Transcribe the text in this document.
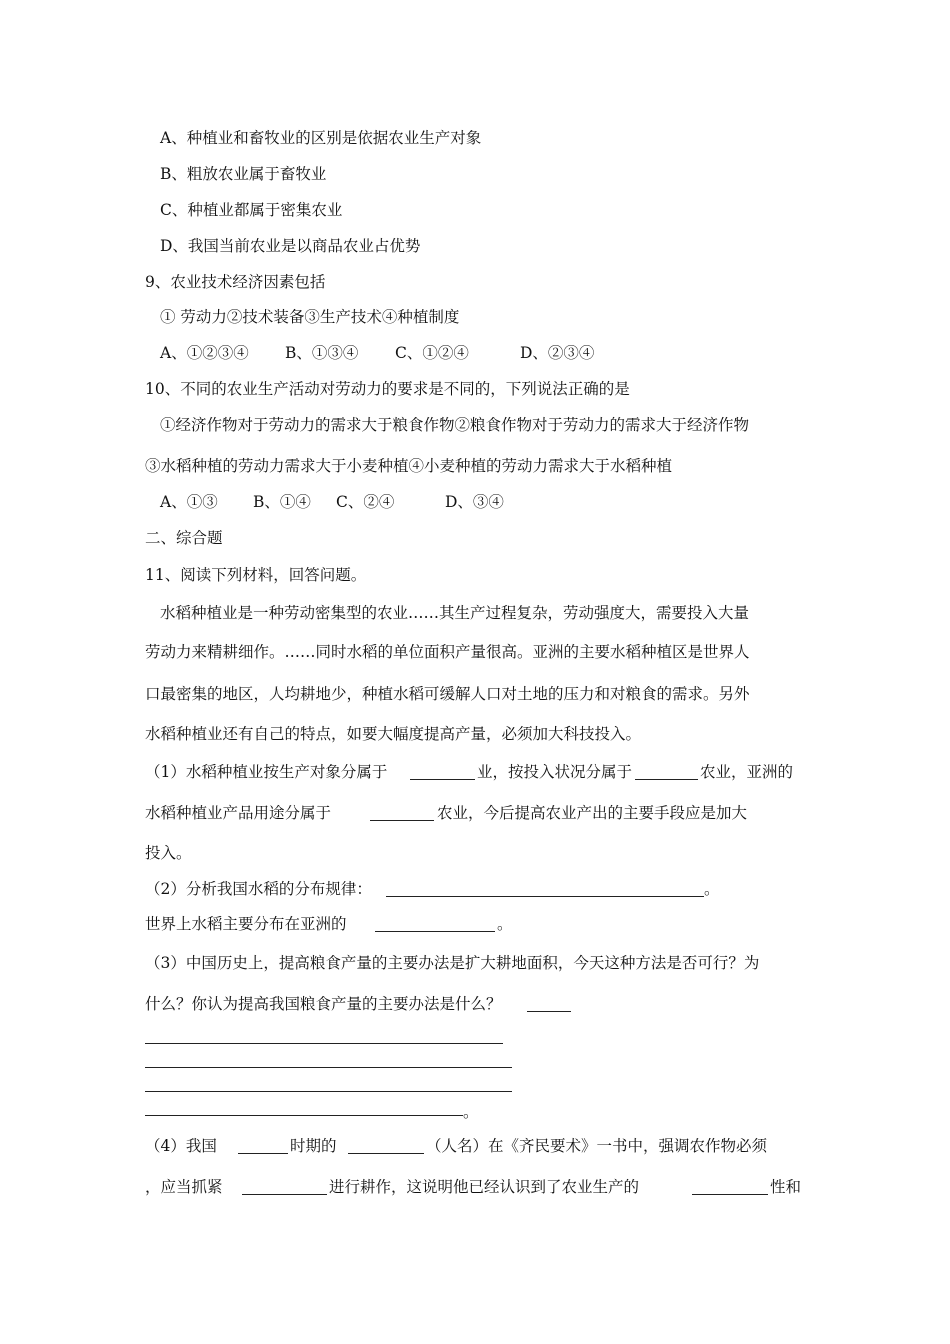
A、种植业和畜牧业的区别是依据农业生产对象
B、粗放农业属于畜牧业
C、种植业都属于密集农业
D、我国当前农业是以商品农业占优势
9、农业技术经济因素包括
① 劳动力②技术装备③生产技术④种植制度
A、①②③④ B、①③④ C、①②④	D、②③④
10、不同的农业生产活动对劳动力的要求是不同的，下列说法正确的是
①经济作物对于劳动力的需求大于粮食作物②粮食作物对于劳动力的需求大于经济作物
③水稻种植的劳动力需求大于小麦种植④小麦种植的劳动力需求大于水稻种植
A、①③ B、①④ C、②④	D、③④
二、综合题
11、阅读下列材料，回答问题。
水稻种植业是一种劳动密集型的农业……其生产过程复杂，劳动强度大，需要投入大量
劳动力来精耕细作。……同时水稻的单位面积产量很高。亚洲的主要水稻种植区是世界人
口最密集的地区，人均耕地少，种植水稻可缓解人口对土地的压力和对粮食的需求。另外
水稻种植业还有自己的特点，如要大幅度提高产量，必须加大科技投入。
（1）水稻种植业按生产对象分属于	业，按投入状况分属于	农业，亚洲的
水稻种植业产品用途分属于	农业，今后提高农业产出的主要手段应是加大
投入。
（2）分析我国水稻的分布规律：	。
世界上水稻主要分布在亚洲的	。
（3）中国历史上，提高粮食产量的主要办法是扩大耕地面积，今天这种方法是否可行？为
什么？你认为提高我国粮食产量的主要办法是什么？
。
（4）我国	时期的	（人名）在《齐民要术》一书中，强调农作物必须
，应当抓紧	进行耕作，这说明他已经认识到了农业生产的	性和
